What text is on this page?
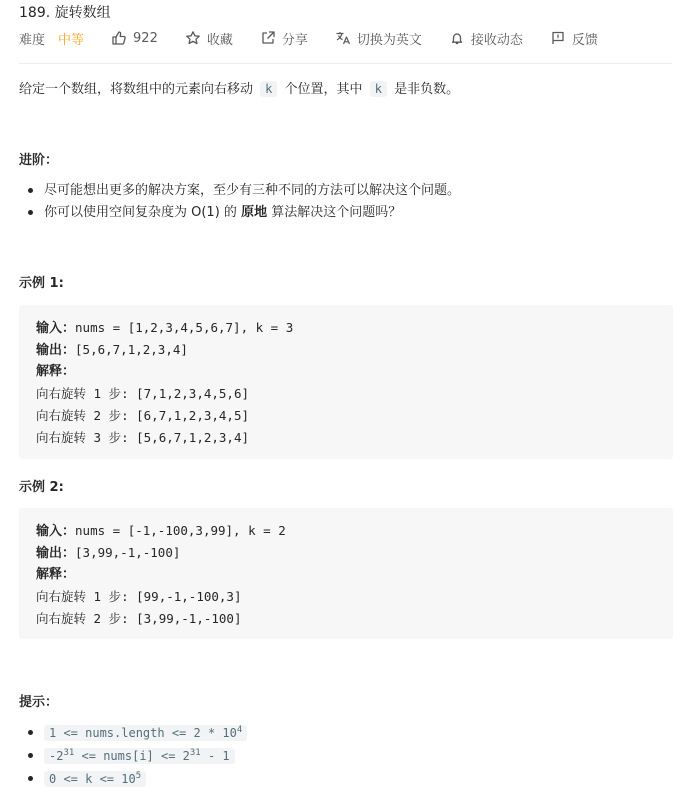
189. 旋转数组
难度 中等	922	收藏	分享	切换为英文	接收动态	反馈
给定一个数组，将数组中的元素向右移动 k 个位置，其中 k 是非负数。
进阶：
尽可能想出更多的解决方案，至少有三种不同的方法可以解决这个问题。
你可以使用空间复杂度为 O(1) 的 原地 算法解决这个问题吗？
示例 1:
输入：nums = [1,2,3,4,5,6,7], k = 3
输出：[5,6,7,1,2,3,4]
解释：
向右旋转 1 步: [7,1,2,3,4,5,6]
向右旋转 2 步: [6,7,1,2,3,4,5]
向右旋转 3 步: [5,6,7,1,2,3,4]
示例 2:
输入：nums = [-1,-100,3,99], k = 2
输出：[3,99,-1,-100]
解释：
向右旋转 1 步: [99,-1,-100,3]
向右旋转 2 步: [3,99,-1,-100]
提示：
1 <= nums.length <= $2 * 10^4$
$-2^{31}$ <= nums[i] <= $2^{31} - 1$
$0 <= k <= 10^5$
